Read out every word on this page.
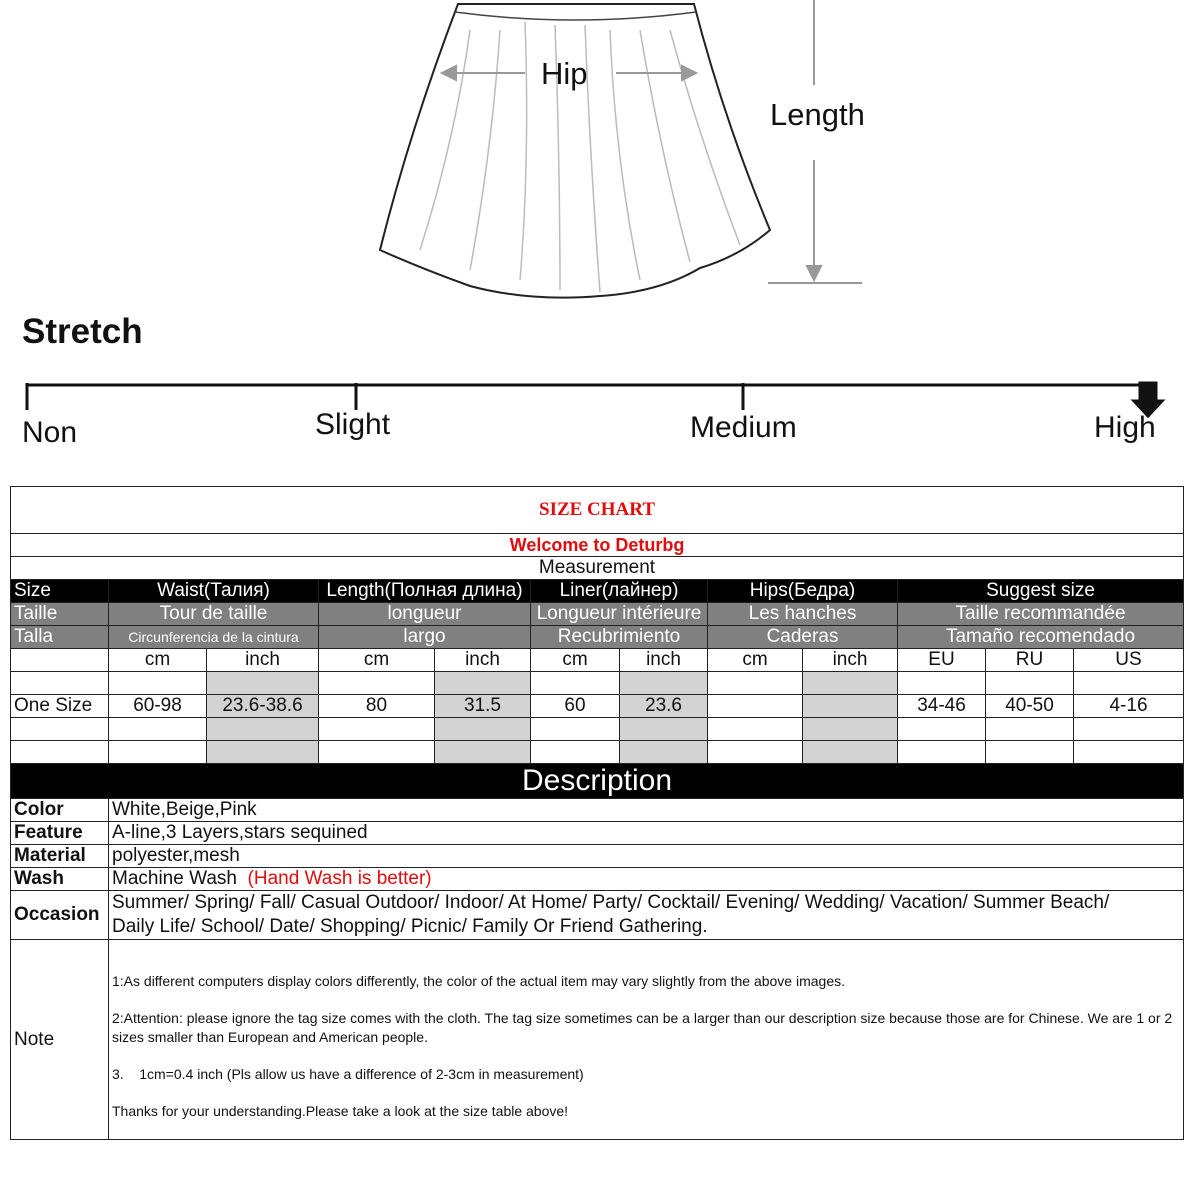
Hip
Length
Stretch
Non	Slight	Medium	High
SIZE CHART											
Welcome to Deturbg											
Measurement											
Size	Waist(Талия)		Length(Полная длина)		Liner(лайнер)		Hips(Бедра)		Suggest size		
Taille	Tour de taille		longueur		Longueur intérieure		Les hanches		Taille recommandée		
Talla	Circunferencia de la cintura		largo		Recubrimiento		Caderas		Tamaño recomendado		
	cm	inch	cm	inch	cm	inch	cm	inch	EU	RU	US

One Size	60-98	23.6-38.6	80	31.5	60	23.6			34-46	40-50	4-16

Description											
Color	White,Beige,Pink										
Feature	A-line,3 Layers,stars sequined										
Material	polyester,mesh										
Wash	Machine Wash (Hand Wash is better)										
Occasion	Summer/ Spring/ Fall/ Casual Outdoor/ Indoor/ At Home/ Party/ Cocktail/ Evening/ Wedding/ Vacation/ Summer Beach/
Daily Life/ School/ Date/ Shopping/ Picnic/ Family Or Friend Gathering.										

Note	1:As different computers display colors differently, the color of the actual item may vary slightly from the above images.

2:Attention: please ignore the tag size comes with the cloth. The tag size sometimes can be a larger than our description size because those are for Chinese. We are 1 or 2 sizes smaller than European and American people.

3.    1cm=0.4 inch (Pls allow us have a difference of 2-3cm in measurement)

Thanks for your understanding.Please take a look at the size table above!										
